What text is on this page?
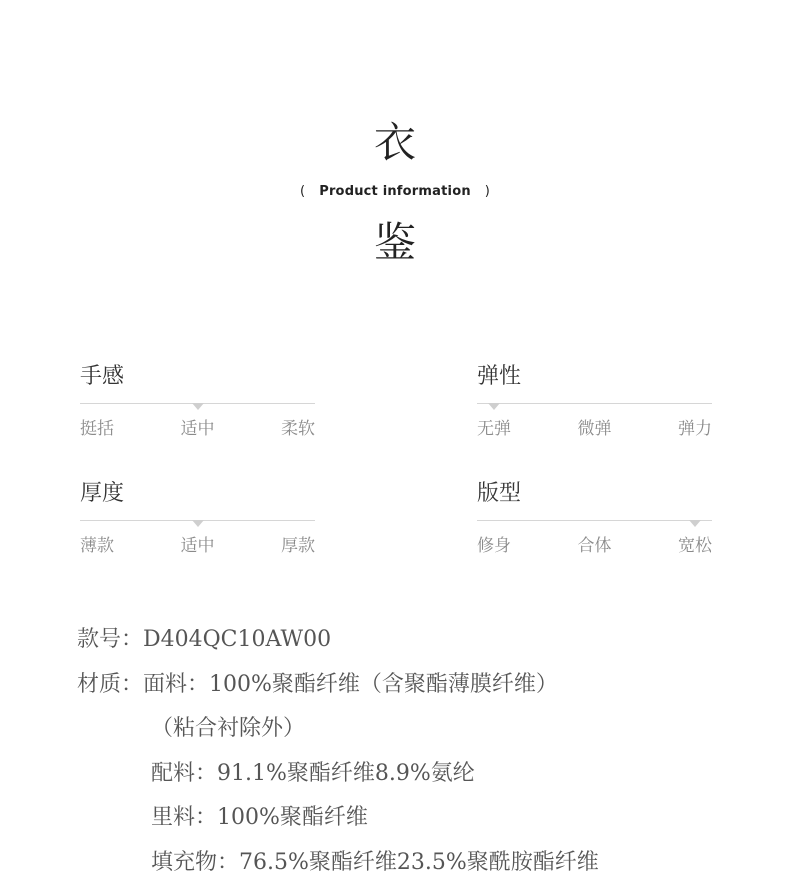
衣
( Product information )
鉴
手感
挺括	适中	柔软
弹性
无弹	微弹	弹力
厚度
薄款	适中	厚款
版型
修身	合体	宽松
款号：D404QC10AW00
材质：面料：100%聚酯纤维（含聚酯薄膜纤维）
（粘合衬除外）
配料：91.1%聚酯纤维8.9%氨纶
里料：100%聚酯纤维
填充物：76.5%聚酯纤维23.5%聚酰胺酯纤维
